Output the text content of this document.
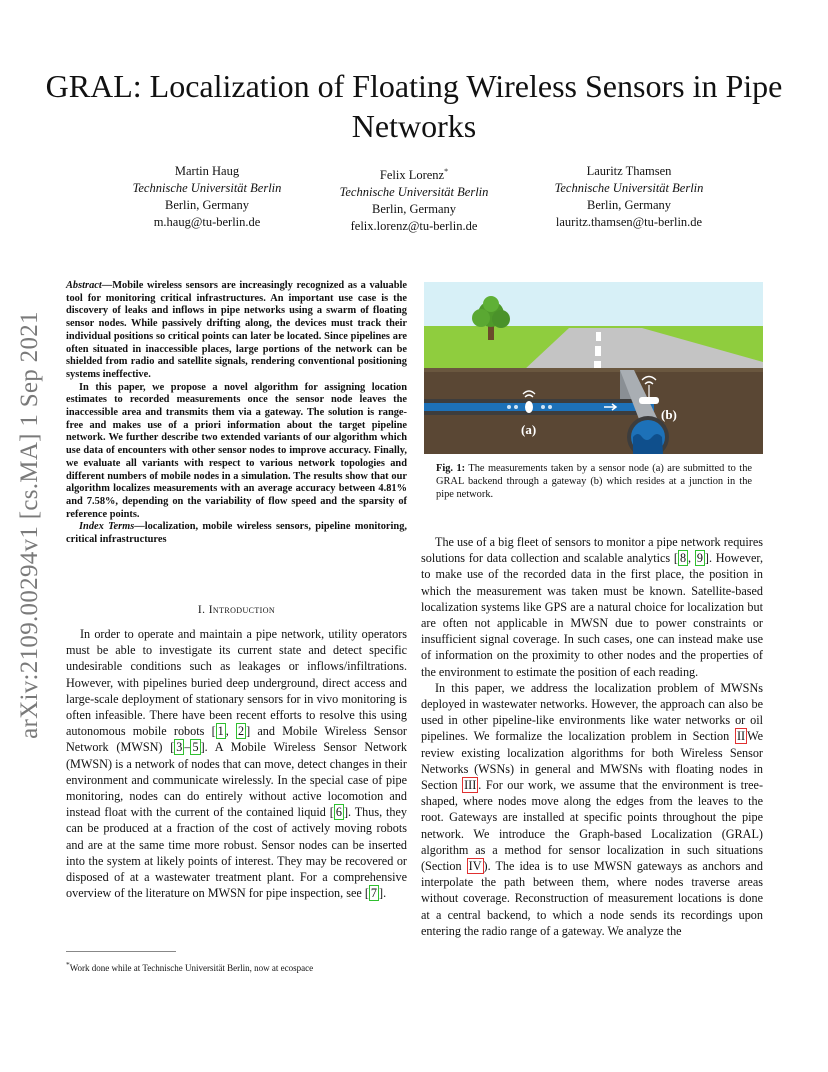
arXiv:2109.00294v1 [cs.MA] 1 Sep 2021
GRAL: Localization of Floating Wireless Sensors in Pipe Networks
Martin Haug
Technische Universität Berlin
Berlin, Germany
m.haug@tu-berlin.de
Felix Lorenz*
Technische Universität Berlin
Berlin, Germany
felix.lorenz@tu-berlin.de
Lauritz Thamsen
Technische Universität Berlin
Berlin, Germany
lauritz.thamsen@tu-berlin.de

Abstract—Mobile wireless sensors are increasingly recognized as a valuable tool for monitoring critical infrastructures. An important use case is the discovery of leaks and inflows in pipe networks using a swarm of floating sensor nodes. While passively drifting along, the devices must track their individual positions so critical points can later be located. Since pipelines are often situated in inaccessible places, large portions of the network can be shielded from radio and satellite signals, rendering conventional positioning systems ineffective.

In this paper, we propose a novel algorithm for assigning location estimates to recorded measurements once the sensor node leaves the inaccessible area and transmits them via a gateway. The solution is range-free and makes use of a priori information about the target pipeline network. We further describe two extended variants of our algorithm which use data of encounters with other sensor nodes to improve accuracy. Finally, we evaluate all variants with respect to various network topologies and different numbers of mobile nodes in a simulation. The results show that our algorithm localizes measurements with an average accuracy between 4.81% and 7.58%, depending on the variability of flow speed and the sparsity of reference points.

Index Terms—localization, mobile wireless sensors, pipeline monitoring, critical infrastructures

I. Introduction

In order to operate and maintain a pipe network, utility operators must be able to investigate its current state and detect specific undesirable conditions such as leakages or inflows/infiltrations. However, with pipelines buried deep underground, direct access and large-scale deployment of stationary sensors for in vivo monitoring is often infeasible. There have been recent efforts to resolve this using autonomous mobile robots [ 1 , 2 ] and Mobile Wireless Sensor Network (MWSN) [ 3 – 5 ]. A Mobile Wireless Sensor Network (MWSN) is a network of nodes that can move, detect changes in their environment and communicate wirelessly. In the special case of pipe monitoring, nodes can do entirely without active locomotion and instead float with the current of the contained liquid [ 6 ]. Thus, they can be produced at a fraction of the cost of actively moving robots and are at the same time more robust. Sensor nodes can be inserted into the system at likely points of interest. They may be recovered or disposed of at a wastewater treatment plant. For a comprehensive overview of the literature on MWSN for pipe inspection, see [ 7 ].

*Work done while at Technische Universität Berlin, now at ecospace
(a)
(b)
Fig. 1: The measurements taken by a sensor node (a) are submitted to the GRAL backend through a gateway (b) which resides at a junction in the pipe network.

The use of a big fleet of sensors to monitor a pipe network requires solutions for data collection and scalable analytics [ 8 , 9 ]. However, to make use of the recorded data in the first place, the position in which the measurement was taken must be known. Satellite-based localization systems like GPS are a natural choice for localization but are often not applicable in MWSN due to power constraints or insufficient signal coverage. In such cases, one can instead make use of information on the proximity to other nodes and the properties of the environment to estimate the position of each reading.

In this paper, we address the localization problem of MWSNs deployed in wastewater networks. However, the approach can also be used in other pipeline-like environments like water networks or oil pipelines. We formalize the localization problem in Section II We review existing localization algorithms for both Wireless Sensor Networks (WSNs) in general and MWSNs with floating nodes in Section III . For our work, we assume that the environment is tree-shaped, where nodes move along the edges from the leaves to the root. Gateways are installed at specific points throughout the pipe network. We introduce the Graph-based Localization (GRAL) algorithm as a method for sensor localization in such situations (Section IV ). The idea is to use MWSN gateways as anchors and interpolate the path between them, where nodes traverse areas without coverage. Reconstruction of measurement locations is done at a central backend, to which a node sends its recordings upon entering the radio range of a gateway. We analyze the
